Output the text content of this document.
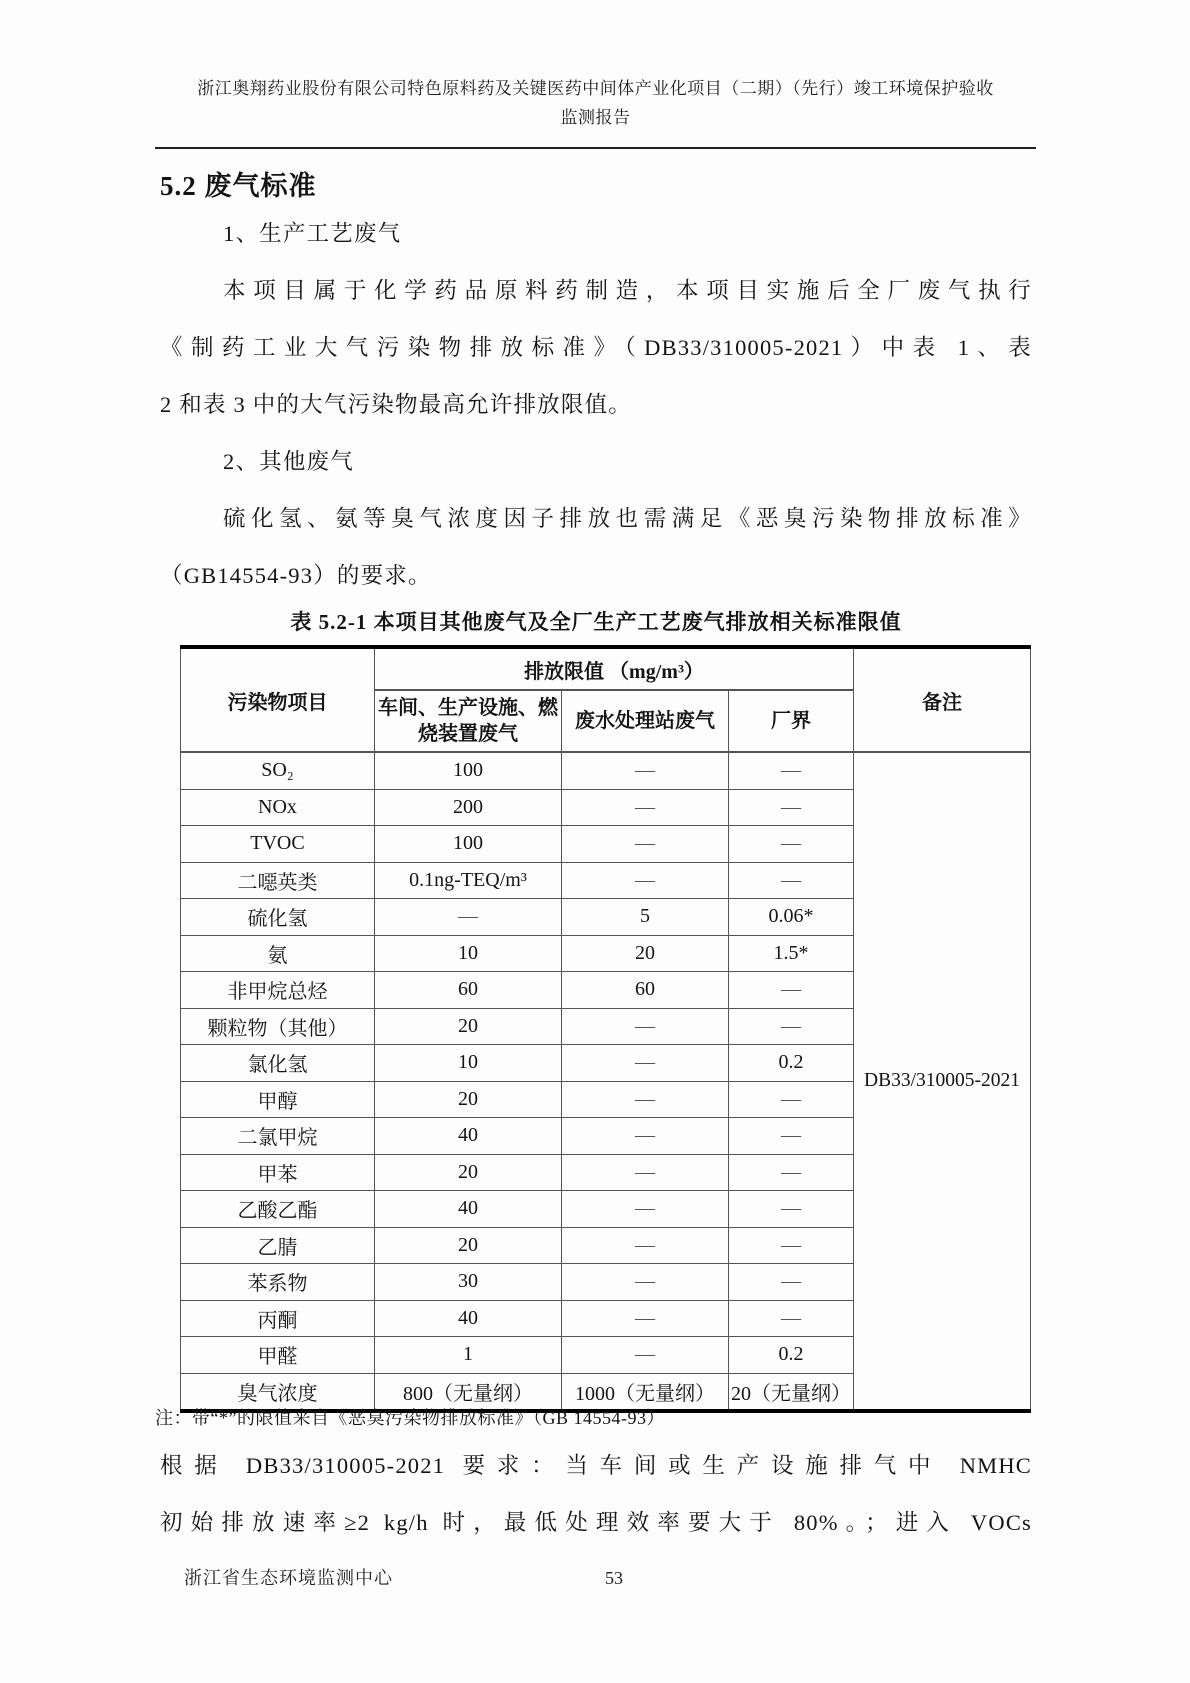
浙江奥翔药业股份有限公司特色原料药及关键医药中间体产业化项目（二期）（先行）竣工环境保护验收
监测报告
5.2 废气标准
1、生产工艺废气
本项目属于化学药品原料药制造，本项目实施后全厂废气执行
《制药工业大气污染物排放标准》（DB33/310005-2021）中表 1、表
2 和表 3 中的大气污染物最高允许排放限值。
2、其他废气
硫化氢、氨等臭气浓度因子排放也需满足《恶臭污染物排放标准》
（GB14554-93）的要求。
表 5.2-1 本项目其他废气及全厂生产工艺废气排放相关标准限值
污染物项目	排放限值 （mg/m³）			备注
	车间、生产设施、燃烧装置废气	废水处理站废气	厂界	
SO₂	100	—	—	DB33/310005-2021
NOx	200	—	—	
TVOC	100	—	—	
二噁英类	0.1ng-TEQ/m³	—	—	
硫化氢	—	5	0.06*	
氨	10	20	1.5*	
非甲烷总烃	60	60	—	
颗粒物（其他）	20	—	—	
氯化氢	10	—	0.2	
甲醇	20	—	—	
二氯甲烷	40	—	—	
甲苯	20	—	—	
乙酸乙酯	40	—	—	
乙腈	20	—	—	
苯系物	30	—	—	
丙酮	40	—	—	
甲醛	1	—	0.2	
臭气浓度	800（无量纲）	1000（无量纲）	20（无量纲）	
注：带“*”的限值来自《恶臭污染物排放标准》（GB 14554-93）
根据 DB33/310005-2021 要求：当车间或生产设施排气中 NMHC
初始排放速率≥2 kg/h 时，最低处理效率要大于 80%。；进入 VOCs
浙江省生态环境监测中心	53
